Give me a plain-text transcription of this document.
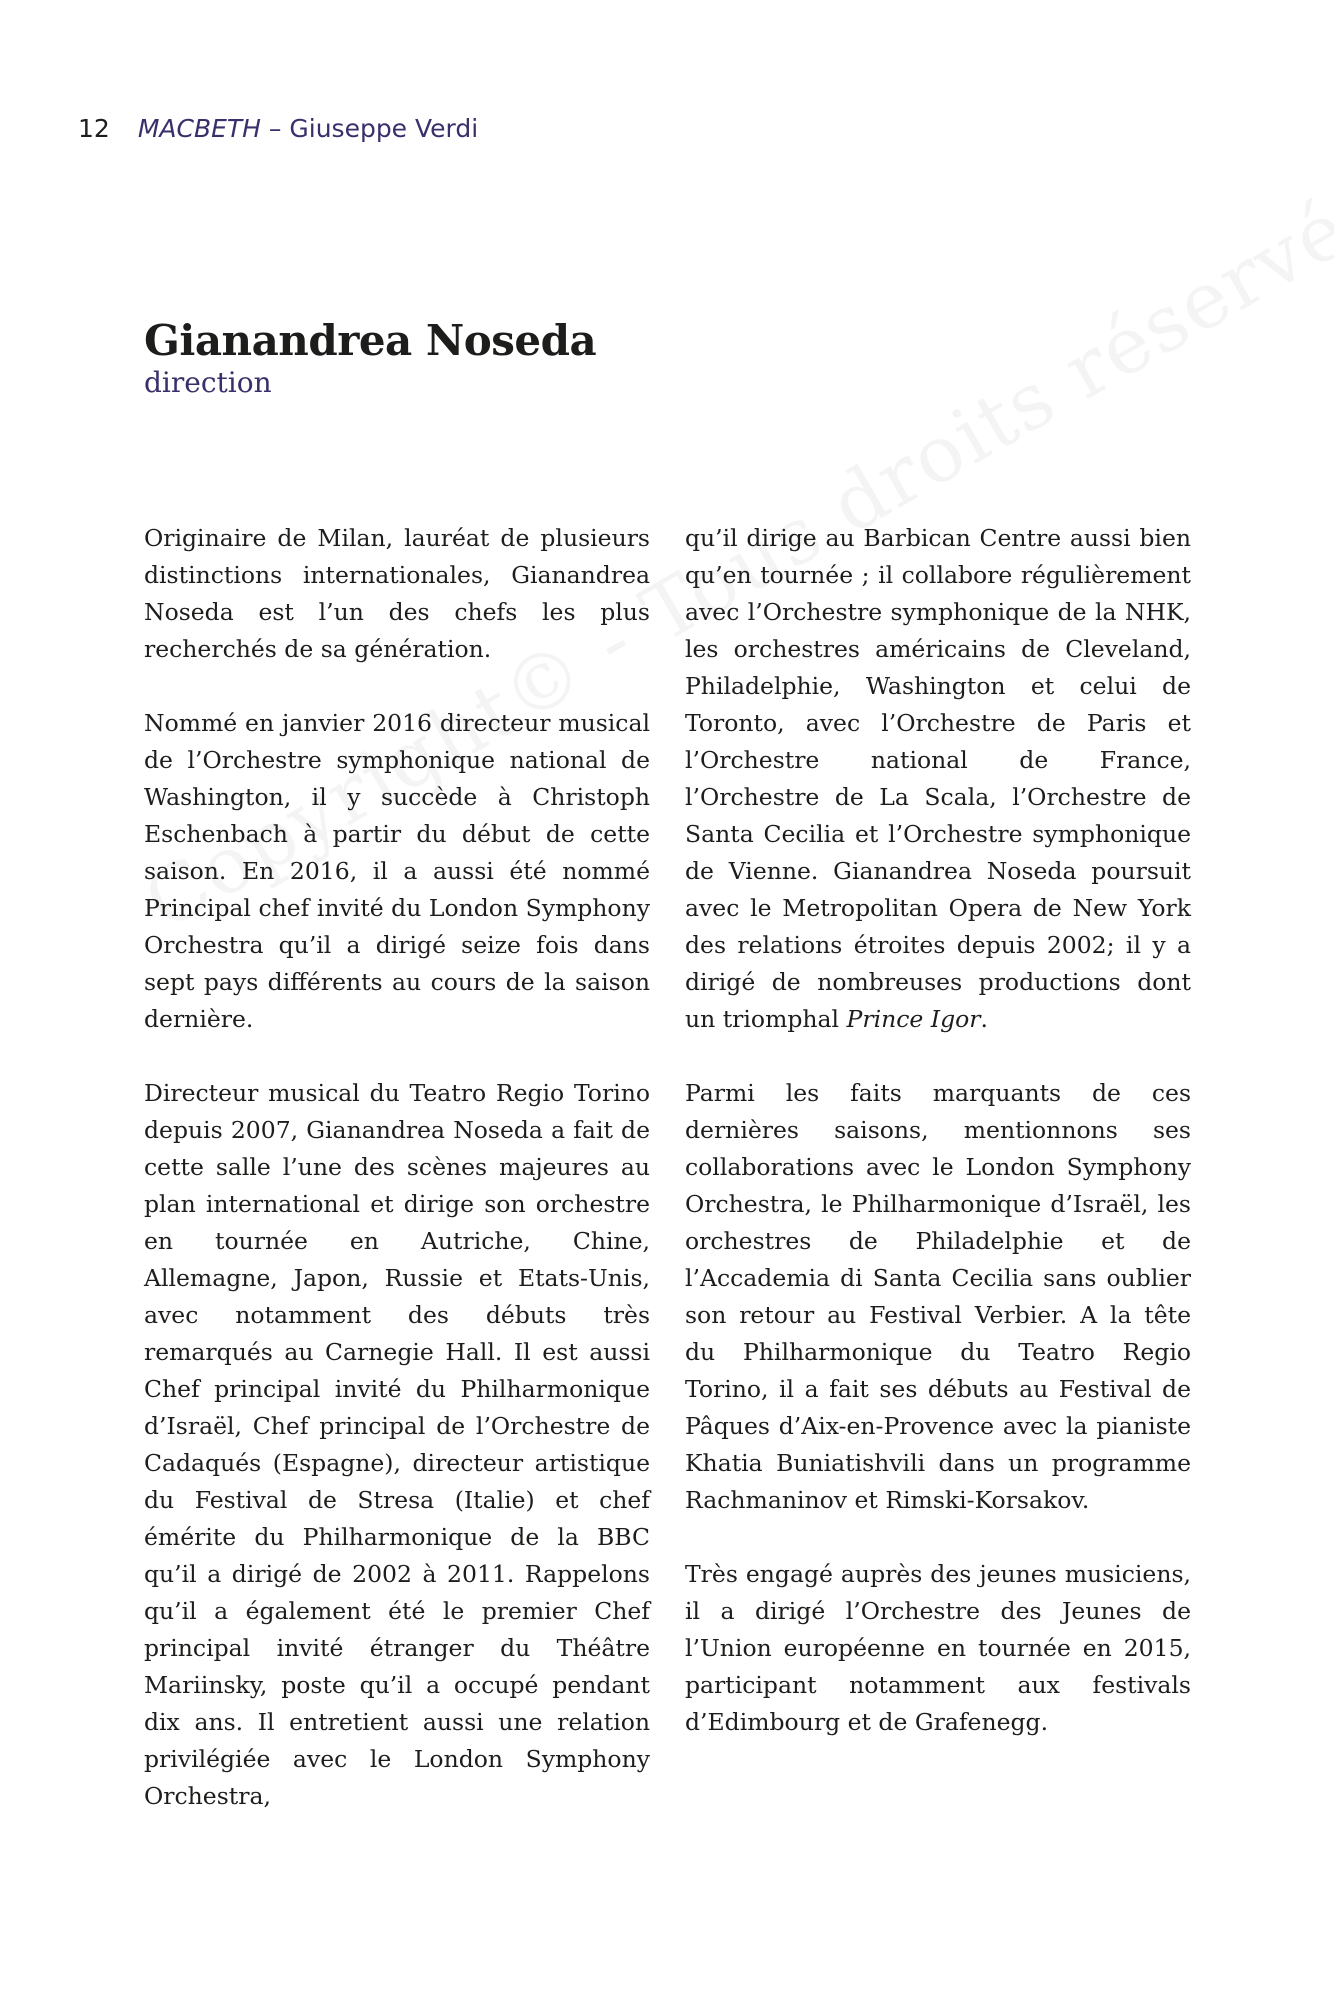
12 MACBETH – Giuseppe Verdi
Gianandrea Noseda
direction

Originaire de Milan, lauréat de plusieurs distinctions internationales, Gianandrea Noseda est l’un des chefs les plus recherchés de sa génération.

Nommé en janvier 2016 directeur musical de l’Orchestre symphonique national de Washington, il y succède à Christoph Eschenbach à partir du début de cette saison. En 2016, il a aussi été nommé Principal chef invité du London Symphony Orchestra qu’il a dirigé seize fois dans sept pays différents au cours de la saison dernière.

Directeur musical du Teatro Regio Torino depuis 2007, Gianandrea Noseda a fait de cette salle l’une des scènes majeures au plan international et dirige son orchestre en tournée en Autriche, Chine, Allemagne, Japon, Russie et Etats-Unis, avec notamment des débuts très remarqués au Carnegie Hall. Il est aussi Chef principal invité du Philharmonique d’Israël, Chef principal de l’Orchestre de Cadaqués (Espagne), directeur artistique du Festival de Stresa (Italie) et chef émérite du Philharmonique de la BBC qu’il a dirigé de 2002 à 2011. Rappelons qu’il a également été le premier Chef principal invité étranger du Théâtre Mariinsky, poste qu’il a occupé pendant dix ans. Il entretient aussi une relation privilégiée avec le London Symphony Orchestra,

qu’il dirige au Barbican Centre aussi bien qu’en tournée ; il collabore régulièrement avec l’Orchestre symphonique de la NHK, les orchestres américains de Cleveland, Philadelphie, Washington et celui de Toronto, avec l’Orchestre de Paris et l’Orchestre national de France, l’Orchestre de La Scala, l’Orchestre de Santa Cecilia et l’Orchestre symphonique de Vienne. Gianandrea Noseda poursuit avec le Metropolitan Opera de New York des relations étroites depuis 2002; il y a dirigé de nombreuses productions dont un triomphal Prince Igor.

Parmi les faits marquants de ces dernières saisons, mentionnons ses collaborations avec le London Symphony Orchestra, le Philharmonique d’Israël, les orchestres de Philadelphie et de l’Accademia di Santa Cecilia sans oublier son retour au Festival Verbier. A la tête du Philharmonique du Teatro Regio Torino, il a fait ses débuts au Festival de Pâques d’Aix-en-Provence avec la pianiste Khatia Buniatishvili dans un programme Rachmaninov et Rimski-Korsakov.

Très engagé auprès des jeunes musiciens, il a dirigé l’Orchestre des Jeunes de l’Union européenne en tournée en 2015, participant notamment aux festivals d’Edimbourg et de Grafenegg.
